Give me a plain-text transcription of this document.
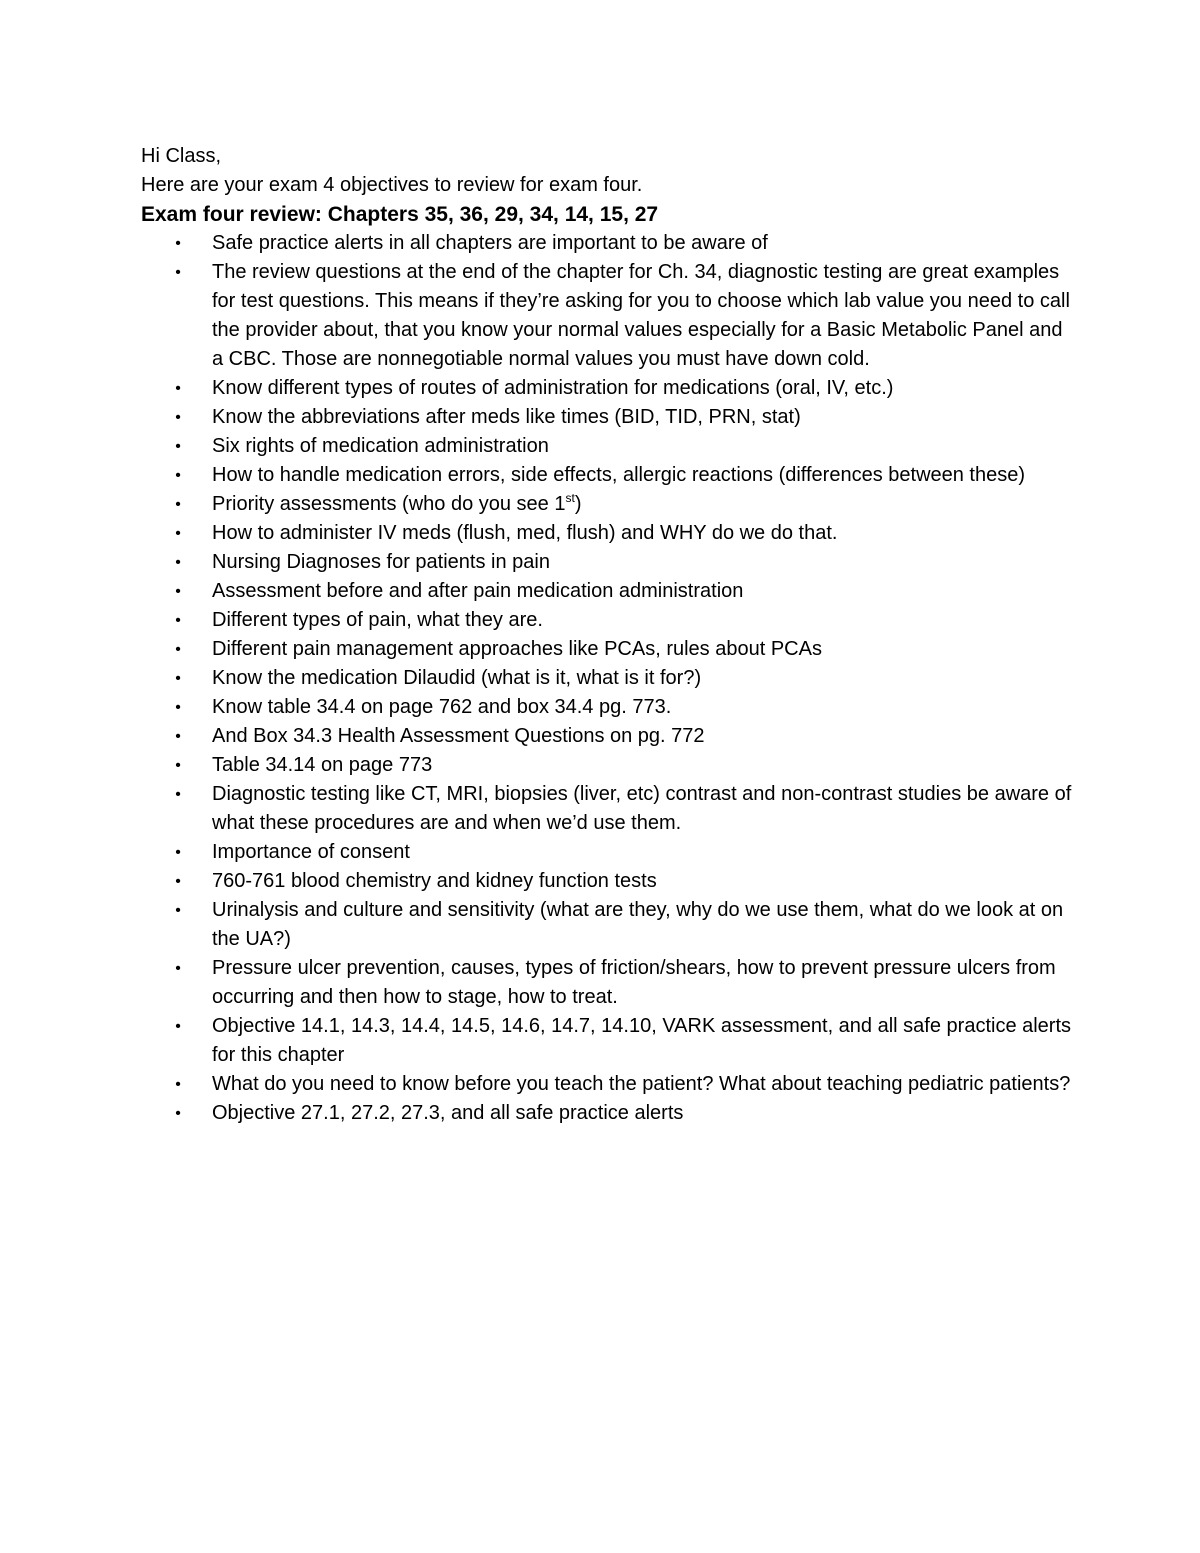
Hi Class,

Here are your exam 4 objectives to review for exam four.

Exam four review: Chapters 35, 36, 29, 34, 14, 15, 27

• Safe practice alerts in all chapters are important to be aware of
• The review questions at the end of the chapter for Ch. 34, diagnostic testing are great examples for test questions. This means if they’re asking for you to choose which lab value you need to call the provider about, that you know your normal values especially for a Basic Metabolic Panel and a CBC. Those are nonnegotiable normal values you must have down cold.
• Know different types of routes of administration for medications (oral, IV, etc.)
• Know the abbreviations after meds like times (BID, TID, PRN, stat)
• Six rights of medication administration
• How to handle medication errors, side effects, allergic reactions (differences between these)
• Priority assessments (who do you see 1st)
• How to administer IV meds (flush, med, flush) and WHY do we do that.
• Nursing Diagnoses for patients in pain
• Assessment before and after pain medication administration
• Different types of pain, what they are.
• Different pain management approaches like PCAs, rules about PCAs
• Know the medication Dilaudid (what is it, what is it for?)
• Know table 34.4 on page 762 and box 34.4 pg. 773.
• And Box 34.3 Health Assessment Questions on pg. 772
• Table 34.14 on page 773
• Diagnostic testing like CT, MRI, biopsies (liver, etc) contrast and non-contrast studies be aware of what these procedures are and when we’d use them.
• Importance of consent
• 760-761 blood chemistry and kidney function tests
• Urinalysis and culture and sensitivity (what are they, why do we use them, what do we look at on the UA?)
• Pressure ulcer prevention, causes, types of friction/shears, how to prevent pressure ulcers from occurring and then how to stage, how to treat.
• Objective 14.1, 14.3, 14.4, 14.5, 14.6, 14.7, 14.10, VARK assessment, and all safe practice alerts for this chapter
• What do you need to know before you teach the patient? What about teaching pediatric patients?
• Objective 27.1, 27.2, 27.3, and all safe practice alerts
